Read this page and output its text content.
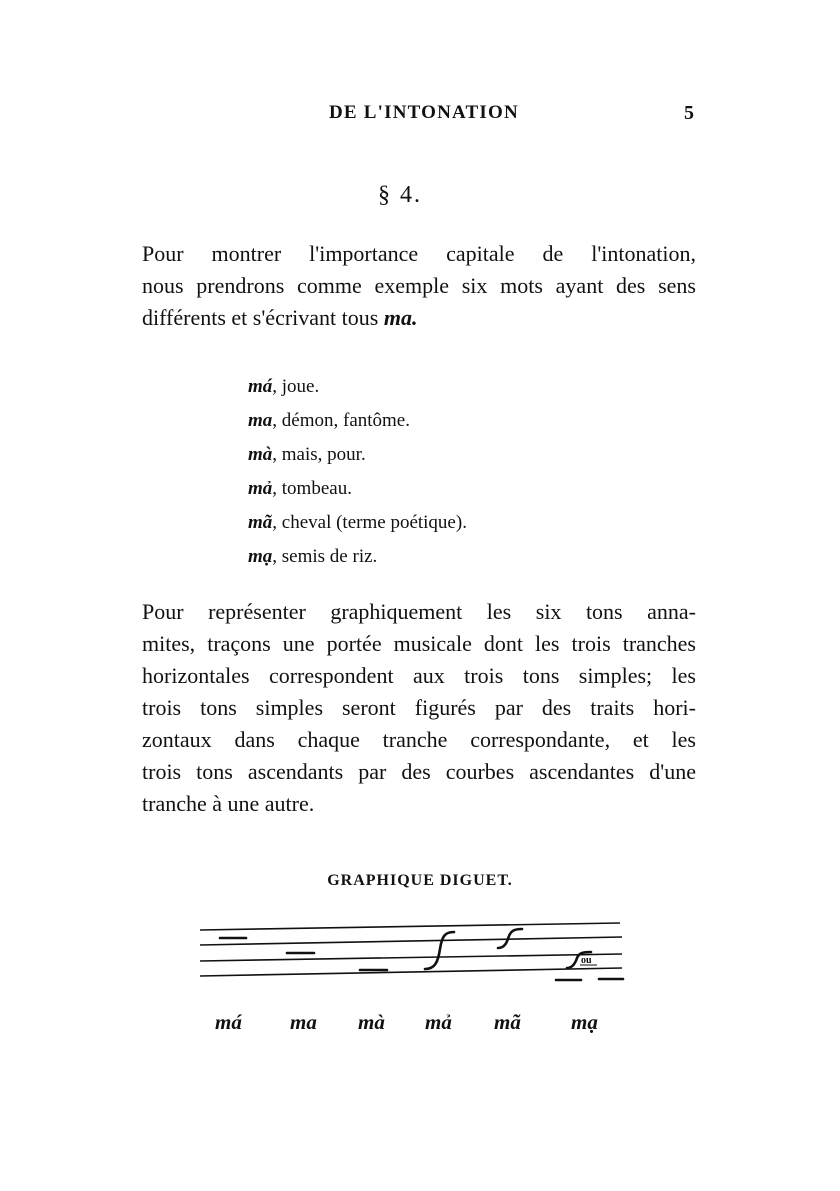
DE L'INTONATION	5
§ 4.
Pour montrer l'importance capitale de l'intonation,
nous prendrons comme exemple six mots ayant des sens
différents et s'écrivant tous ma.
má, joue.
ma, démon, fantôme.
mà, mais, pour.
mả, tombeau.
mã, cheval (terme poétique).
mạ, semis de riz.
Pour représenter graphiquement les six tons anna-
mites, traçons une portée musicale dont les trois tranches
horizontales correspondent aux trois tons simples; les
trois tons simples seront figurés par des traits hori-
zontaux dans chaque tranche correspondante, et les
trois tons ascendants par des courbes ascendantes d'une
tranche à une autre.
GRAPHIQUE DIGUET.
ou
má ma mà mả mã mạ
